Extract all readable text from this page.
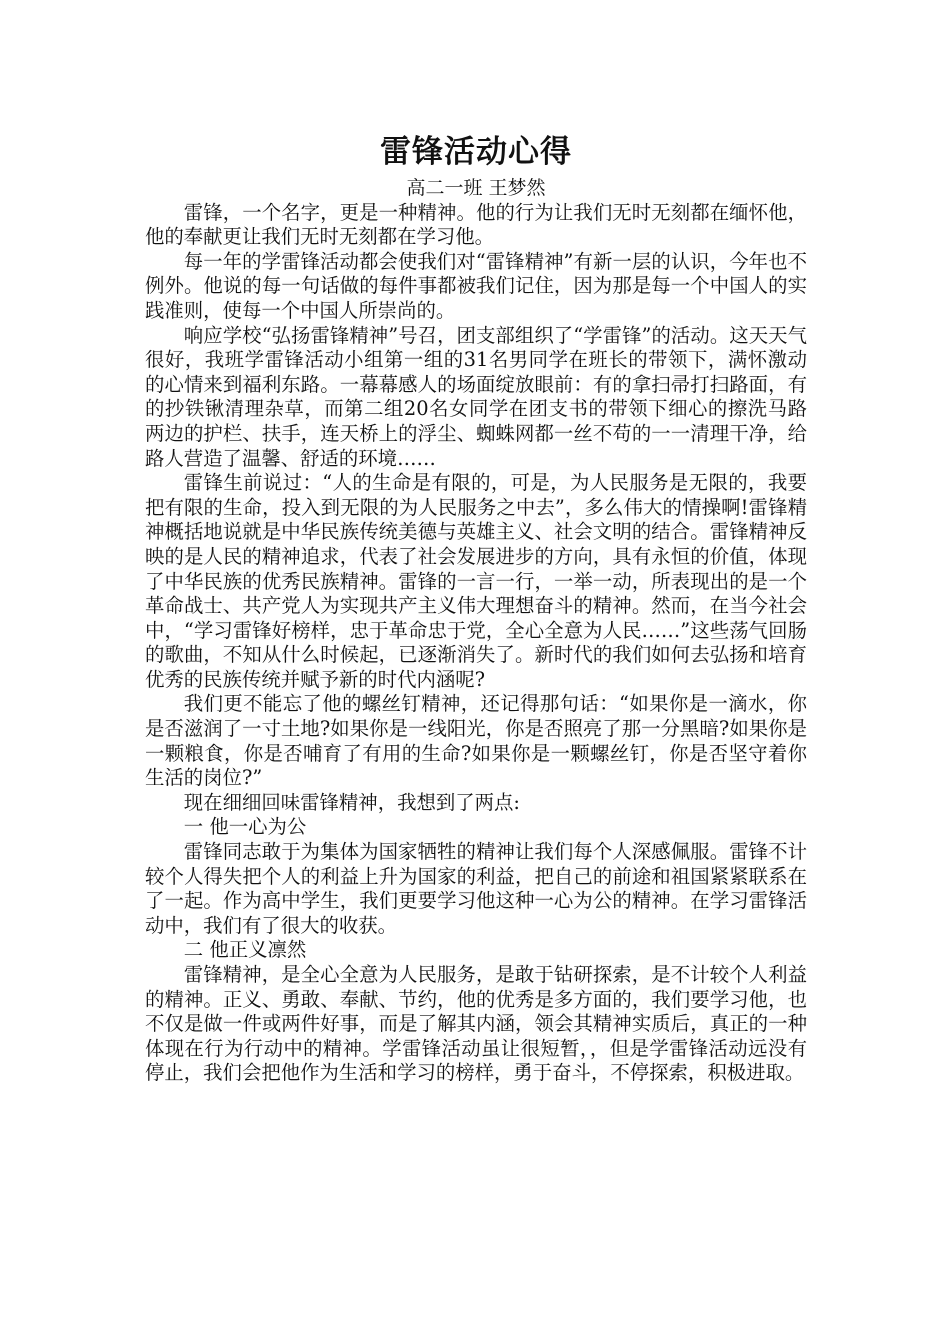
雷锋活动心得
高二一班 王梦然

雷锋，一个名字，更是一种精神。他的行为让我们无时无刻都在缅怀他，他的奉献更让我们无时无刻都在学习他。

每一年的学雷锋活动都会使我们对“雷锋精神”有新一层的认识，今年也不例外。他说的每一句话做的每件事都被我们记住，因为那是每一个中国人的实践准则，使每一个中国人所崇尚的。

响应学校“弘扬雷锋精神”号召，团支部组织了“学雷锋”的活动。这天天气很好，我班学雷锋活动小组第一组的31名男同学在班长的带领下，满怀激动的心情来到福利东路。一幕幕感人的场面绽放眼前：有的拿扫帚打扫路面，有的抄铁锹清理杂草，而第二组20名女同学在团支书的带领下细心的擦洗马路两边的护栏、扶手，连天桥上的浮尘、蜘蛛网都一丝不苟的一一清理干净，给路人营造了温馨、舒适的环境……

雷锋生前说过：“人的生命是有限的，可是，为人民服务是无限的，我要把有限的生命，投入到无限的为人民服务之中去”，多么伟大的情操啊!雷锋精神概括地说就是中华民族传统美德与英雄主义、社会文明的结合。雷锋精神反映的是人民的精神追求，代表了社会发展进步的方向，具有永恒的价值，体现了中华民族的优秀民族精神。雷锋的一言一行，一举一动，所表现出的是一个革命战士、共产党人为实现共产主义伟大理想奋斗的精神。然而，在当今社会中，“学习雷锋好榜样，忠于革命忠于党，全心全意为人民……”这些荡气回肠的歌曲，不知从什么时候起，已逐渐消失了。新时代的我们如何去弘扬和培育优秀的民族传统并赋予新的时代内涵呢?

我们更不能忘了他的螺丝钉精神，还记得那句话：“如果你是一滴水，你是否滋润了一寸土地?如果你是一线阳光，你是否照亮了那一分黑暗?如果你是一颗粮食，你是否哺育了有用的生命?如果你是一颗螺丝钉，你是否坚守着你生活的岗位?”

现在细细回味雷锋精神，我想到了两点:

一 他一心为公

雷锋同志敢于为集体为国家牺牲的精神让我们每个人深感佩服。雷锋不计较个人得失把个人的利益上升为国家的利益，把自己的前途和祖国紧紧联系在了一起。作为高中学生，我们更要学习他这种一心为公的精神。在学习雷锋活动中，我们有了很大的收获。

二 他正义凛然

雷锋精神，是全心全意为人民服务，是敢于钻研探索，是不计较个人利益的精神。正义、勇敢、奉献、节约，他的优秀是多方面的，我们要学习他，也不仅是做一件或两件好事，而是了解其内涵，领会其精神实质后，真正的一种体现在行为行动中的精神。学雷锋活动虽让很短暂，，但是学雷锋活动远没有停止，我们会把他作为生活和学习的榜样，勇于奋斗，不停探索，积极进取。
